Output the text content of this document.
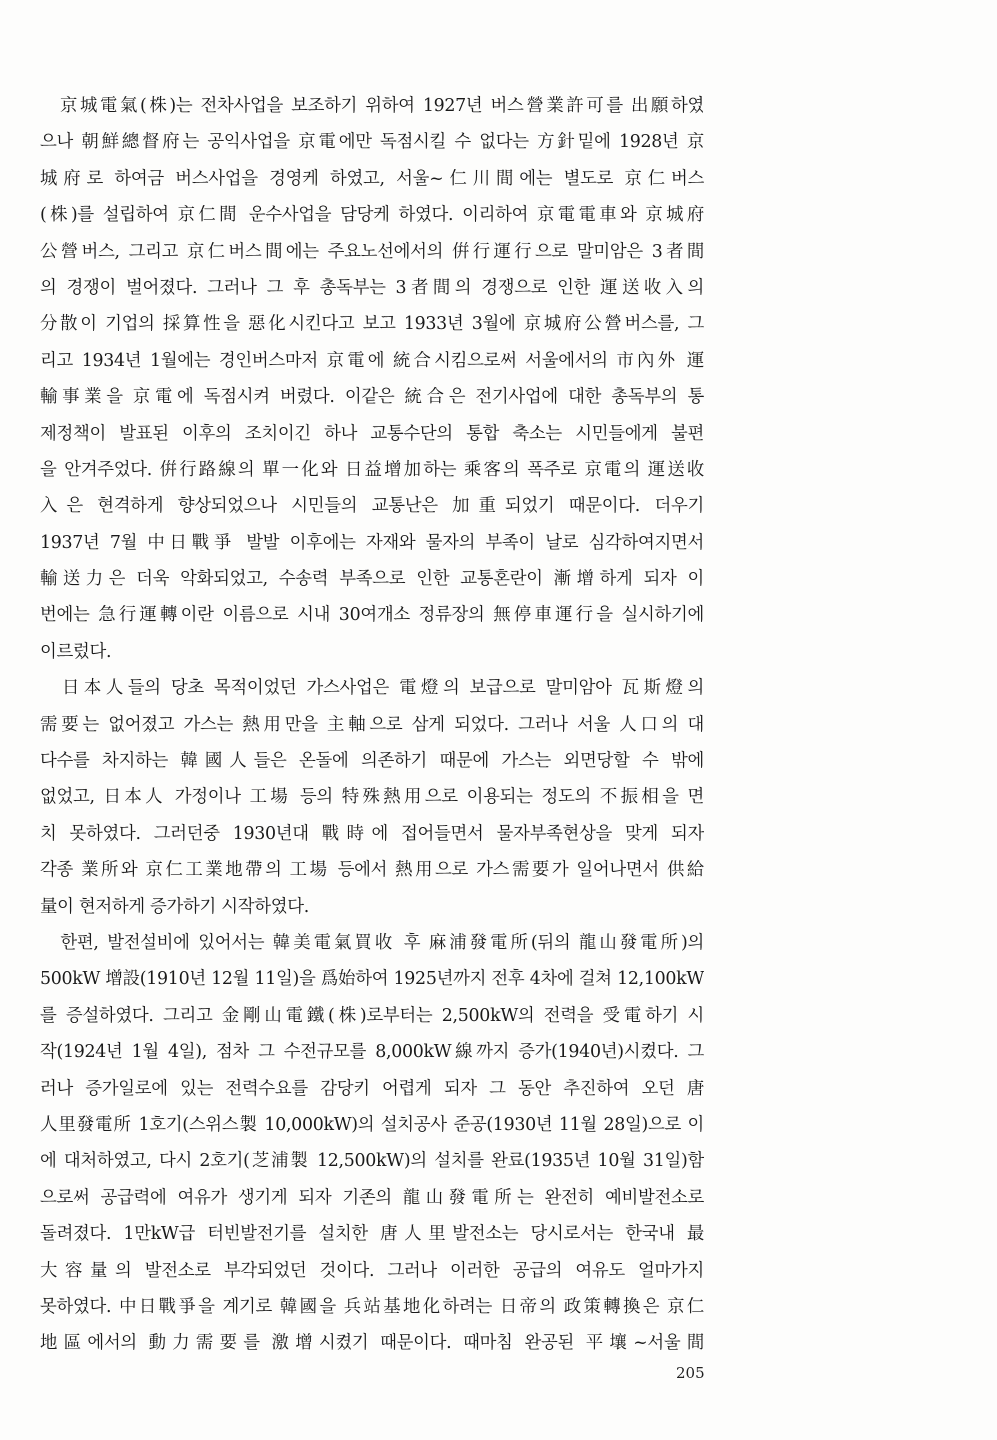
　京城電氣(株)는 전차사업을 보조하기 위하여 1927년 버스營業許可를 出願하였
으나 朝鮮總督府는 공익사업을 京電에만 독점시킬 수 없다는 方針밑에 1928년 京
城府로 하여금 버스사업을 경영케 하였고, 서울~仁川間에는 별도로 京仁버스
(株)를 설립하여 京仁間 운수사업을 담당케 하였다. 이리하여 京電電車와 京城府
公營버스, 그리고 京仁버스間에는 주요노선에서의 倂行運行으로 말미암은 3者間
의 경쟁이 벌어졌다. 그러나 그 후 총독부는 3者間의 경쟁으로 인한 運送收入의
分散이 기업의 採算性을 惡化시킨다고 보고 1933년 3월에 京城府公營버스를, 그
리고 1934년 1월에는 경인버스마저 京電에 統合시킴으로써 서울에서의 市內外 運
輸事業을 京電에 독점시켜 버렸다. 이같은 統合은 전기사업에 대한 총독부의 통
제정책이 발표된 이후의 조치이긴 하나 교통수단의 통합 축소는 시민들에게 불편
을 안겨주었다. 倂行路線의 單一化와 日益增加하는 乘客의 폭주로 京電의 運送收
入은 현격하게 향상되었으나 시민들의 교통난은 加重되었기 때문이다. 더우기
1937년 7월 中日戰爭 발발 이후에는 자재와 물자의 부족이 날로 심각하여지면서
輸送力은 더욱 악화되었고, 수송력 부족으로 인한 교통혼란이 漸增하게 되자 이
번에는 急行運轉이란 이름으로 시내 30여개소 정류장의 無停車運行을 실시하기에
이르렀다.
　日本人들의 당초 목적이었던 가스사업은 電燈의 보급으로 말미암아 瓦斯燈의
需要는 없어졌고 가스는 熱用만을 主軸으로 삼게 되었다. 그러나 서울 人口의 대
다수를 차지하는 韓國人들은 온돌에 의존하기 때문에 가스는 외면당할 수 밖에
없었고, 日本人 가정이나 工場 등의 特殊熱用으로 이용되는 정도의 不振相을 면
치 못하였다. 그러던중 1930년대 戰時에 접어들면서 물자부족현상을 맞게 되자
각종 業所와 京仁工業地帶의 工場 등에서 熱用으로 가스需要가 일어나면서 供給
量이 현저하게 증가하기 시작하였다.
　한편, 발전설비에 있어서는 韓美電氣買收 후 麻浦發電所(뒤의 龍山發電所)의
500kW 增設(1910년 12월 11일)을 爲始하여 1925년까지 전후 4차에 걸쳐 12,100kW
를 증설하였다. 그리고 金剛山電鐵(株)로부터는 2,500kW의 전력을 受電하기 시
작(1924년 1월 4일), 점차 그 수전규모를 8,000kW線까지 증가(1940년)시켰다. 그
러나 증가일로에 있는 전력수요를 감당키 어렵게 되자 그 동안 추진하여 오던 唐
人里發電所 1호기(스위스製 10,000kW)의 설치공사 준공(1930년 11월 28일)으로 이
에 대처하였고, 다시 2호기(芝浦製 12,500kW)의 설치를 완료(1935년 10월 31일)함
으로써 공급력에 여유가 생기게 되자 기존의 龍山發電所는 완전히 예비발전소로
돌려졌다. 1만kW급 터빈발전기를 설치한 唐人里발전소는 당시로서는 한국내 最
大容量의 발전소로 부각되었던 것이다. 그러나 이러한 공급의 여유도 얼마가지
못하였다. 中日戰爭을 계기로 韓國을 兵站基地化하려는 日帝의 政策轉換은 京仁
地區에서의 動力需要를 激增시켰기 때문이다. 때마침 완공된 平壤~서울間
205
